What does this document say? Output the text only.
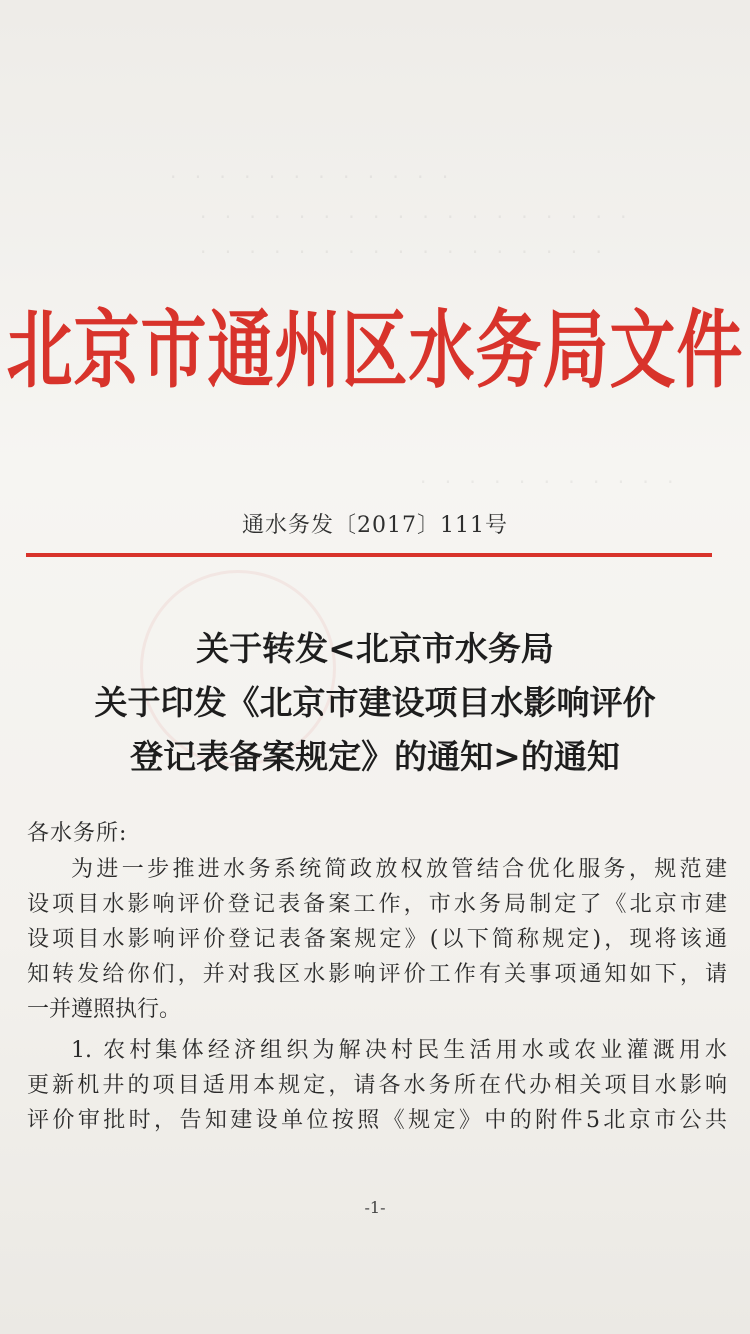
· · · · · · · · · · · ·
· · · · · · · · · · · · · · · · · ·
· · · · · · · · · · · · · · · · ·
· · · · · · · · · · ·
北京市通州区水务局文件
通水务发〔2017〕111号
关于转发<北京市水务局
关于印发《北京市建设项目水影响评价
登记表备案规定》的通知>的通知
各水务所:
为进一步推进水务系统简政放权放管结合优化服务，规范建
设项目水影响评价登记表备案工作，市水务局制定了《北京市建
设项目水影响评价登记表备案规定》(以下简称规定)，现将该通
知转发给你们，并对我区水影响评价工作有关事项通知如下，请
一并遵照执行。
1. 农村集体经济组织为解决村民生活用水或农业灌溉用水
更新机井的项目适用本规定，请各水务所在代办相关项目水影响
评价审批时，告知建设单位按照《规定》中的附件5北京市公共
-1-
